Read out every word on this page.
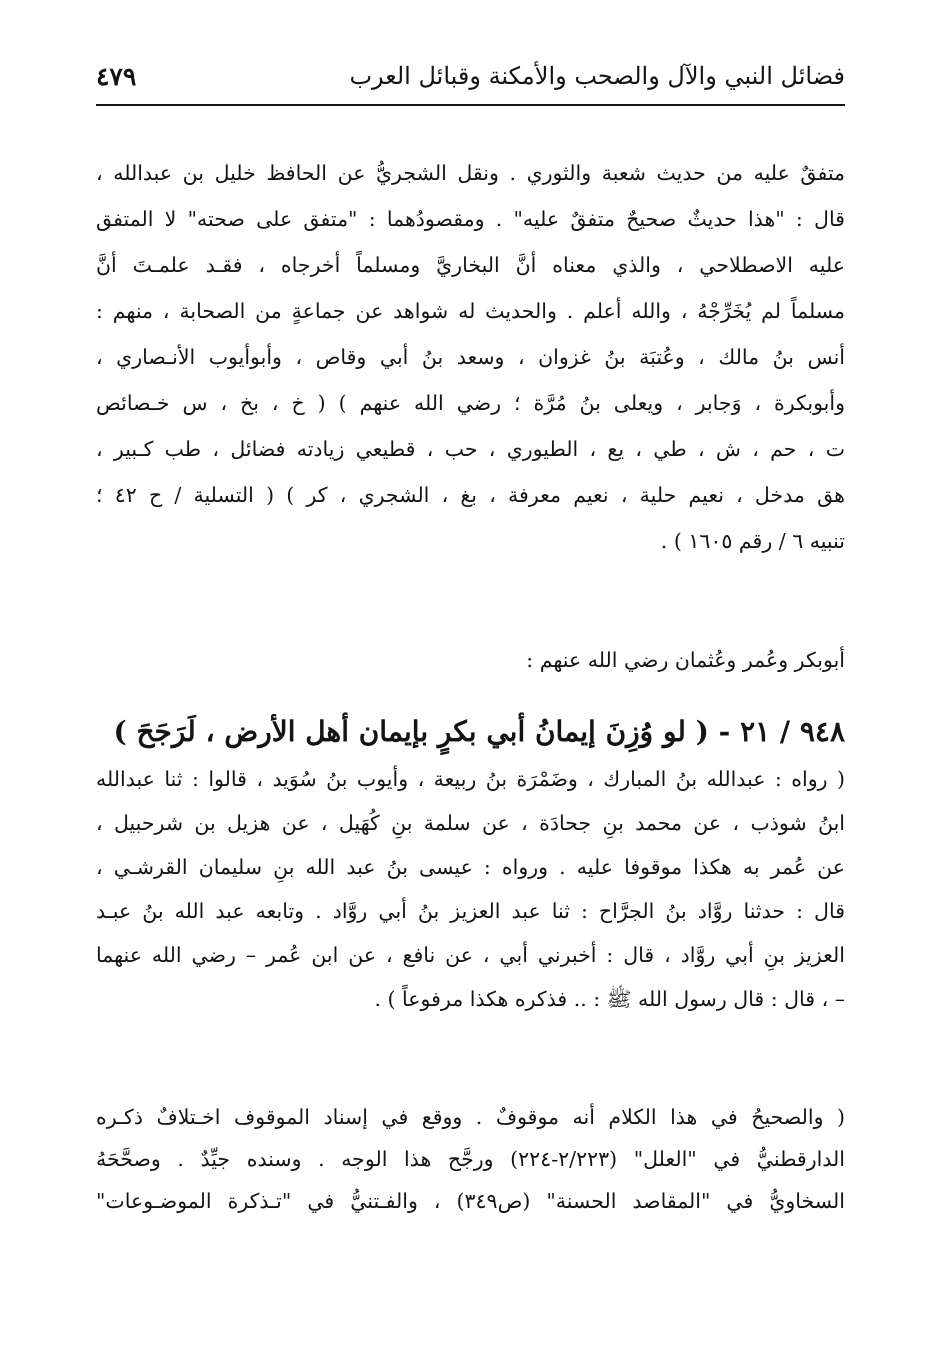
٤٧٩	فضائل النبي والآل والصحب والأمكنة وقبائل العرب
متفقٌ عليه من حديث شعبة والثوري . ونقل الشجريُّ عن الحافظ خليل بن عبدالله ،
قال : "هذا حديثٌ صحيحٌ متفقٌ عليه" . ومقصودُهما : "متفق على صحته" لا المتفق
عليه الاصطلاحي ، والذي معناه أنَّ البخاريَّ ومسلماً أخرجاه ، فقـد علمـتَ أنَّ
مسلماً لم يُخَرِّجْهُ ، والله أعلم . والحديث له شواهد عن جماعةٍ من الصحابة ، منهم :
أنس بنُ مالك ، وعُتبَة بنُ غزوان ، وسعد بنُ أبي وقاص ، وأبوأيوب الأنـصاري ،
وأبوبكرة ، وَجابر ، ويعلى بنُ مُرَّة ؛ رضي الله عنهم ) ( خ ، بخ ، س خـصائص
ت ، حم ، ش ، طي ، يع ، الطيوري ، حب ، قطيعي زيادته فضائل ، طب كـبير ،
هق مدخل ، نعيم حلية ، نعيم معرفة ، بغ ، الشجري ، كر ) ( التسلية / ح ٤٢ ؛
تنبيه ٦ / رقم ١٦٠٥ ) .
أبوبكر وعُمر وعُثمان رضي الله عنهم :
٩٤٨ / ٢١ - ( لو وُزِنَ إيمانُ أبي بكرٍ بإيمان أهل الأرض ، لَرَجَحَ )
( رواه : عبدالله بنُ المبارك ، وضَمْرَة بنُ ربيعة ، وأيوب بنُ سُوَيد ، قالوا : ثنا عبدالله
ابنُ شوذب ، عن محمد بنِ جحادَة ، عن سلمة بنِ كُهَيل ، عن هزيل بن شرحبيل ،
عن عُمر به هكذا موقوفا عليه . ورواه : عيسى بنُ عبد الله بنِ سليمان القرشـي ،
قال : حدثنا روَّاد بنُ الجرَّاح : ثنا عبد العزيز بنُ أبي روَّاد . وتابعه عبد الله بنُ عبـد
العزيز بنِ أبي روَّاد ، قال : أخبرني أبي ، عن نافع ، عن ابن عُمر – رضي الله عنهما
– ، قال : قال رسول الله ﷺ : .. فذكره هكذا مرفوعاً ) .
( والصحيحُ في هذا الكلام أنه موقوفٌ . ووقع في إسناد الموقوف اخـتلافٌ ذكـره
الدارقطنيُّ في "العلل" (٢/٢٢٣-٢٢٤) ورجَّح هذا الوجه . وسنده جيِّدٌ . وصحَّحَهُ
السخاويُّ في "المقاصد الحسنة" (ص٣٤٩) ، والفـتنيُّ في "تـذكرة الموضـوعات"
